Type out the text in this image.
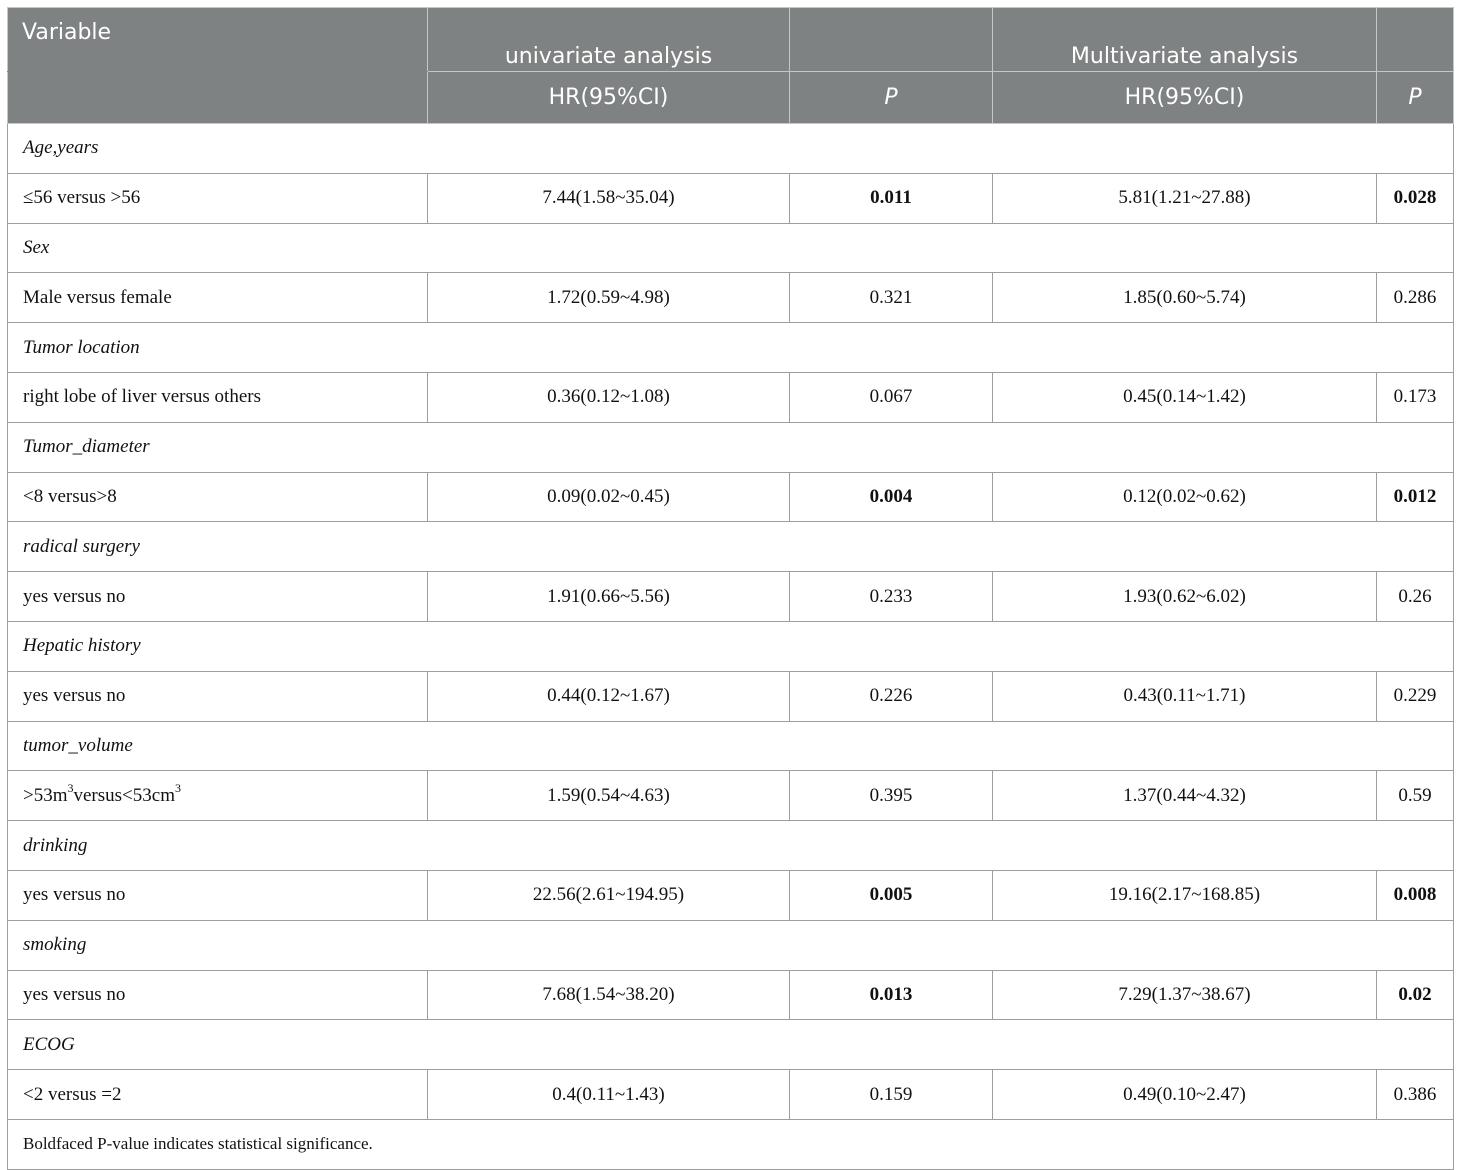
Variable	univariate analysis		Multivariate analysis	
	HR(95%CI)	P	HR(95%CI)	P
Age,years				
≤56 versus >56	7.44(1.58~35.04)	0.011	5.81(1.21~27.88)	0.028
Sex				
Male versus female	1.72(0.59~4.98)	0.321	1.85(0.60~5.74)	0.286
Tumor location				
right lobe of liver versus others	0.36(0.12~1.08)	0.067	0.45(0.14~1.42)	0.173
Tumor_diameter				
<8 versus>8	0.09(0.02~0.45)	0.004	0.12(0.02~0.62)	0.012
radical surgery				
yes versus no	1.91(0.66~5.56)	0.233	1.93(0.62~6.02)	0.26
Hepatic history				
yes versus no	0.44(0.12~1.67)	0.226	0.43(0.11~1.71)	0.229
tumor_volume				
$>53m^3versus<53cm^3$	1.59(0.54~4.63)	0.395	1.37(0.44~4.32)	0.59
drinking				
yes versus no	22.56(2.61~194.95)	0.005	19.16(2.17~168.85)	0.008
smoking				
yes versus no	7.68(1.54~38.20)	0.013	7.29(1.37~38.67)	0.02
ECOG				
<2 versus =2	0.4(0.11~1.43)	0.159	0.49(0.10~2.47)	0.386
Boldfaced P-value indicates statistical significance.				
